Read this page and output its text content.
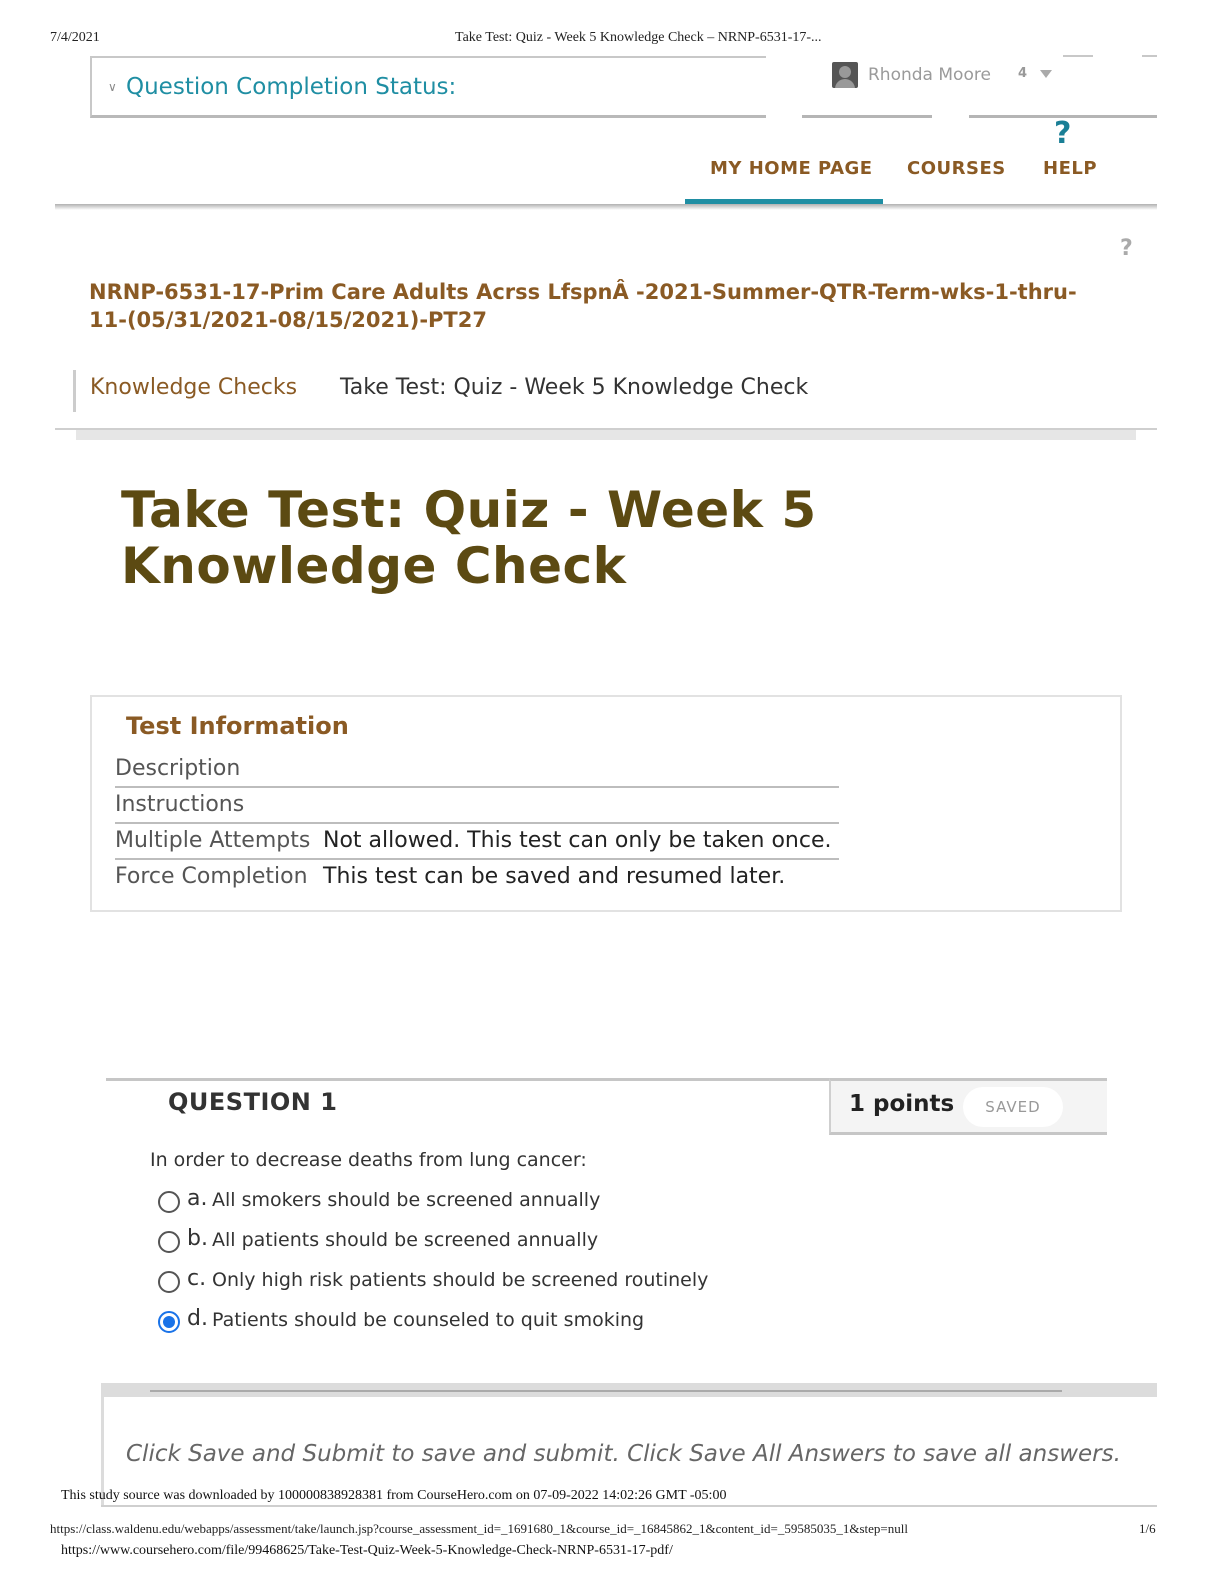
7/4/2021	Take Test: Quiz - Week 5 Knowledge Check – NRNP-6531-17-...
∨ Question Completion Status:	Rhonda Moore 4
?
MY HOME PAGE COURSES HELP
?
NRNP-6531-17-Prim Care Adults Acrss LfspnÂ -2021-Summer-QTR-Term-wks-1-thru-11-(05/31/2021-08/15/2021)-PT27
Knowledge Checks Take Test: Quiz - Week 5 Knowledge Check
Take Test: Quiz - Week 5 Knowledge Check
Test Information
Description
Instructions
Multiple Attempts Not allowed. This test can only be taken once.
Force Completion This test can be saved and resumed later.
QUESTION 1	1 points	SAVED
In order to decrease deaths from lung cancer:
a. All smokers should be screened annually
b. All patients should be screened annually
c. Only high risk patients should be screened routinely
d. Patients should be counseled to quit smoking
Click Save and Submit to save and submit. Click Save All Answers to save all answers.
This study source was downloaded by 100000838928381 from CourseHero.com on 07-09-2022 14:02:26 GMT -05:00
https://class.waldenu.edu/webapps/assessment/take/launch.jsp?course_assessment_id=_1691680_1&course_id=_16845862_1&content_id=_59585035_1&step=null	1/6
https://www.coursehero.com/file/99468625/Take-Test-Quiz-Week-5-Knowledge-Check-NRNP-6531-17-pdf/
